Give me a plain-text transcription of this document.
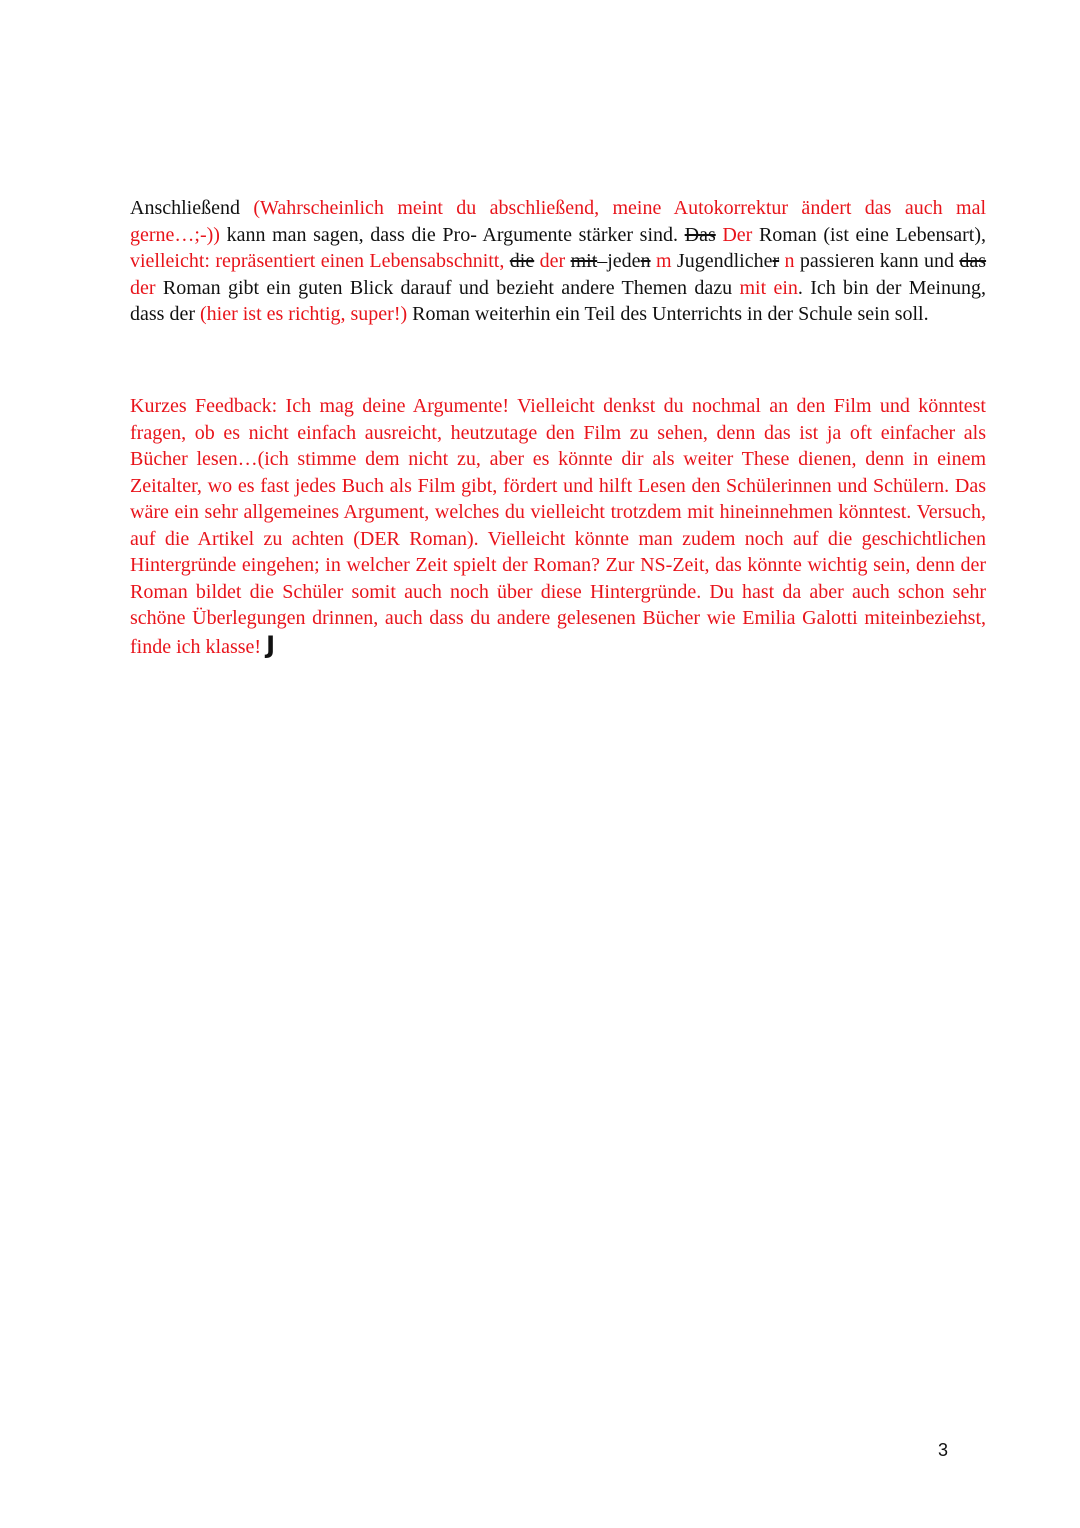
Anschließend (Wahrscheinlich meint du abschließend, meine Autokorrektur ändert das auch mal gerne…;-)) kann man sagen, dass die Pro- Argumente stärker sind. Das Der Roman (ist eine Lebensart), vielleicht: repräsentiert einen Lebensabschnitt, die der mit–jeden m Jugendlicher n passieren kann und das der Roman gibt ein guten Blick darauf und bezieht andere Themen dazu mit ein. Ich bin der Meinung, dass der (hier ist es richtig, super!) Roman weiterhin ein Teil des Unterrichts in der Schule sein soll.

Kurzes Feedback: Ich mag deine Argumente! Vielleicht denkst du nochmal an den Film und könntest fragen, ob es nicht einfach ausreicht, heutzutage den Film zu sehen, denn das ist ja oft einfacher als Bücher lesen…(ich stimme dem nicht zu, aber es könnte dir als weiter These dienen, denn in einem Zeitalter, wo es fast jedes Buch als Film gibt, fördert und hilft Lesen den Schülerinnen und Schülern. Das wäre ein sehr allgemeines Argument, welches du vielleicht trotzdem mit hineinnehmen könntest. Versuch, auf die Artikel zu achten (DER Roman). Vielleicht könnte man zudem noch auf die geschichtlichen Hintergründe eingehen; in welcher Zeit spielt der Roman? Zur NS-Zeit, das könnte wichtig sein, denn der Roman bildet die Schüler somit auch noch über diese Hintergründe. Du hast da aber auch schon sehr schöne Überlegungen drinnen, auch dass du andere gelesenen Bücher wie Emilia Galotti miteinbeziehst, finde ich klasse! J

3
